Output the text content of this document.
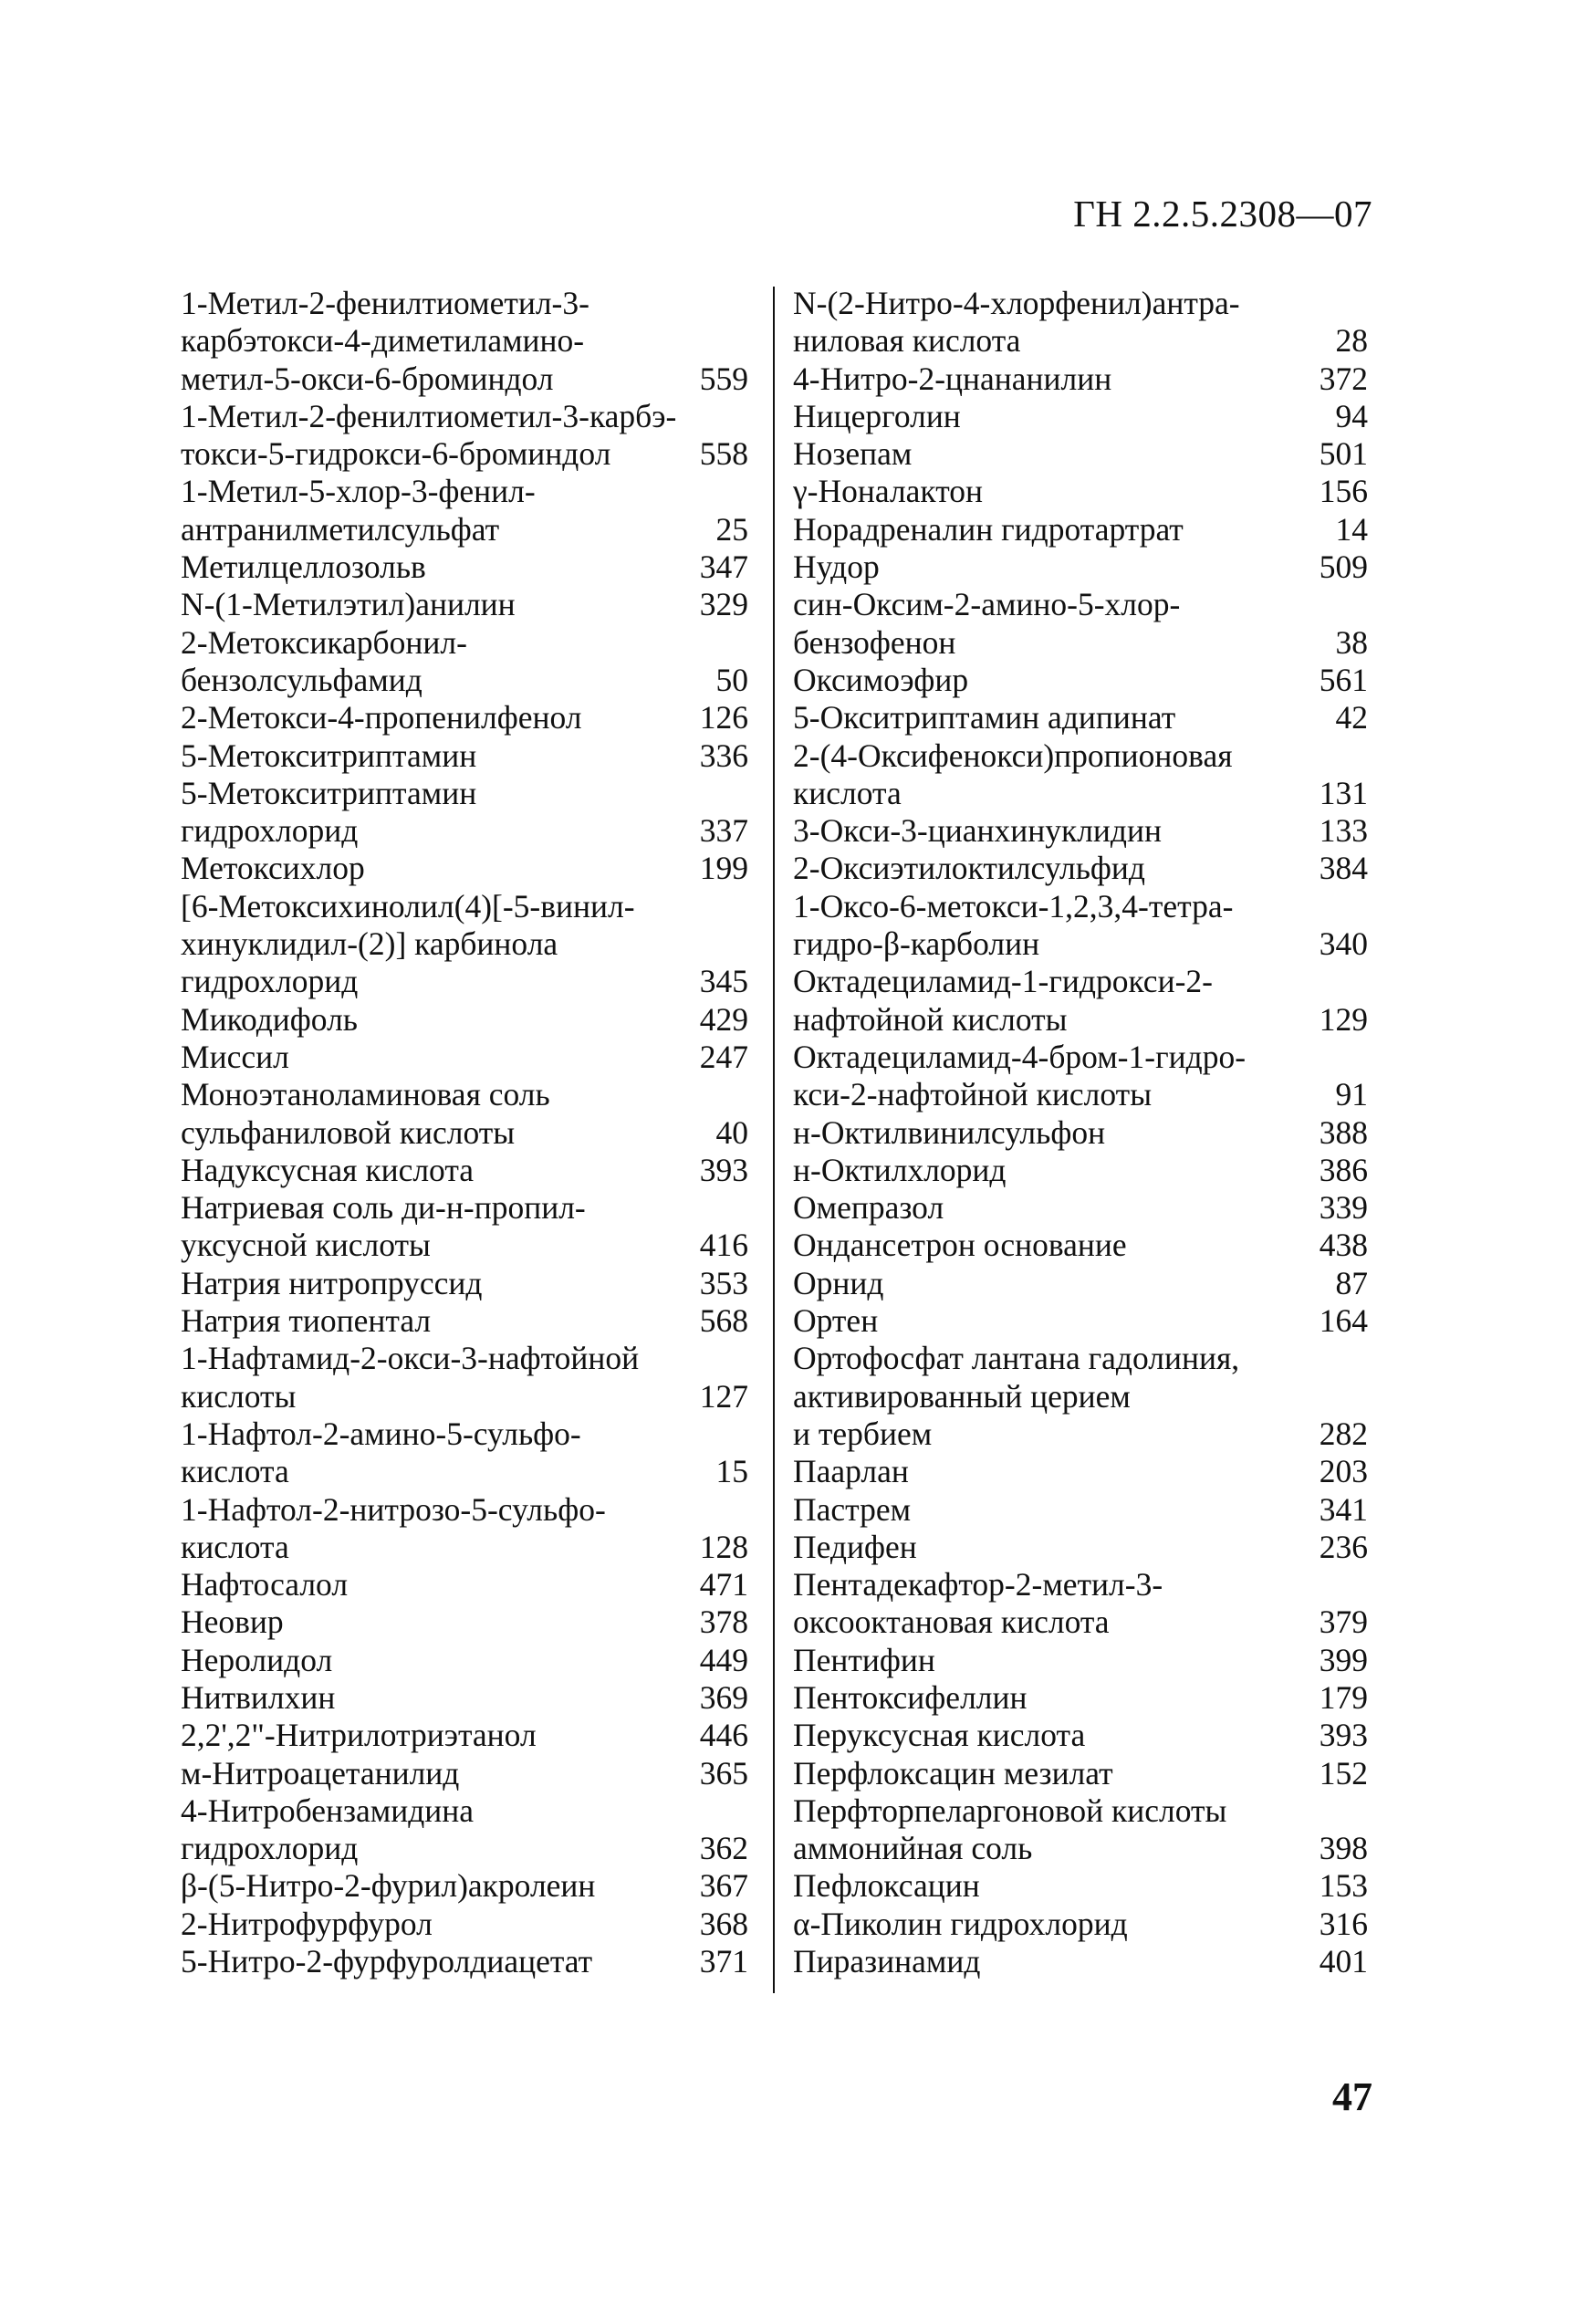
ГН 2.2.5.2308—07
1-Метил-2-фенилтиометил-3-
карбэтокси-4-диметиламино-
метил-5-окси-6-броминдол	559
1-Метил-2-фенилтиометил-3-карбэ-
токси-5-гидрокси-6-броминдол	558
1-Метил-5-хлор-3-фенил-
антранилметилсульфат	25
Метилцеллозольв	347
N-(1-Метилэтил)анилин	329
2-Метоксикарбонил-
бензолсульфамид	50
2-Метокси-4-пропенилфенол	126
5-Метокситриптамин	336
5-Метокситриптамин
гидрохлорид	337
Метоксихлор	199
[6-Метоксихинолил(4)[-5-винил-
хинуклидил-(2)] карбинола
гидрохлорид	345
Микодифоль	429
Миссил	247
Моноэтаноламиновая соль
сульфаниловой кислоты	40
Надуксусная кислота	393
Натриевая соль ди-н-пропил-
уксусной кислоты	416
Натрия нитропруссид	353
Натрия тиопентал	568
1-Нафтамид-2-окси-3-нафтойной
кислоты	127
1-Нафтол-2-амино-5-сульфо-
кислота	15
1-Нафтол-2-нитрозо-5-сульфо-
кислота	128
Нафтосалол	471
Неовир	378
Неролидол	449
Нитвилхин	369
2,2',2"-Нитрилотриэтанол	446
м-Нитроацетанилид	365
4-Нитробензамидина
гидрохлорид	362
β-(5-Нитро-2-фурил)акролеин	367
2-Нитрофурфурол	368
5-Нитро-2-фурфуролдиацетат	371
N-(2-Нитро-4-хлорфенил)антра-
ниловая кислота	28
4-Нитро-2-цнананилин	372
Ницерголин	94
Нозепам	501
γ-Ноналактон	156
Норадреналин гидротартрат	14
Нудор	509
син-Оксим-2-амино-5-хлор-
бензофенон	38
Оксимоэфир	561
5-Окситриптамин адипинат	42
2-(4-Оксифенокси)пропионовая
кислота	131
3-Окси-3-цианхинуклидин	133
2-Оксиэтилоктилсульфид	384
1-Оксо-6-метокси-1,2,3,4-тетра-
гидро-β-карболин	340
Октадециламид-1-гидрокси-2-
нафтойной кислоты	129
Октадециламид-4-бром-1-гидро-
кси-2-нафтойной кислоты	91
н-Октилвинилсульфон	388
н-Октилхлорид	386
Омепразол	339
Ондансетрон основание	438
Орнид	87
Ортен	164
Ортофосфат лантана гадолиния,
активированный церием
и тербием	282
Паарлан	203
Пастрем	341
Педифен	236
Пентадекафтор-2-метил-3-
оксооктановая кислота	379
Пентифин	399
Пентоксифеллин	179
Перуксусная кислота	393
Перфлоксацин мезилат	152
Перфторпеларгоновой кислоты
аммонийная соль	398
Пефлоксацин	153
α-Пиколин гидрохлорид	316
Пиразинамид	401
47
